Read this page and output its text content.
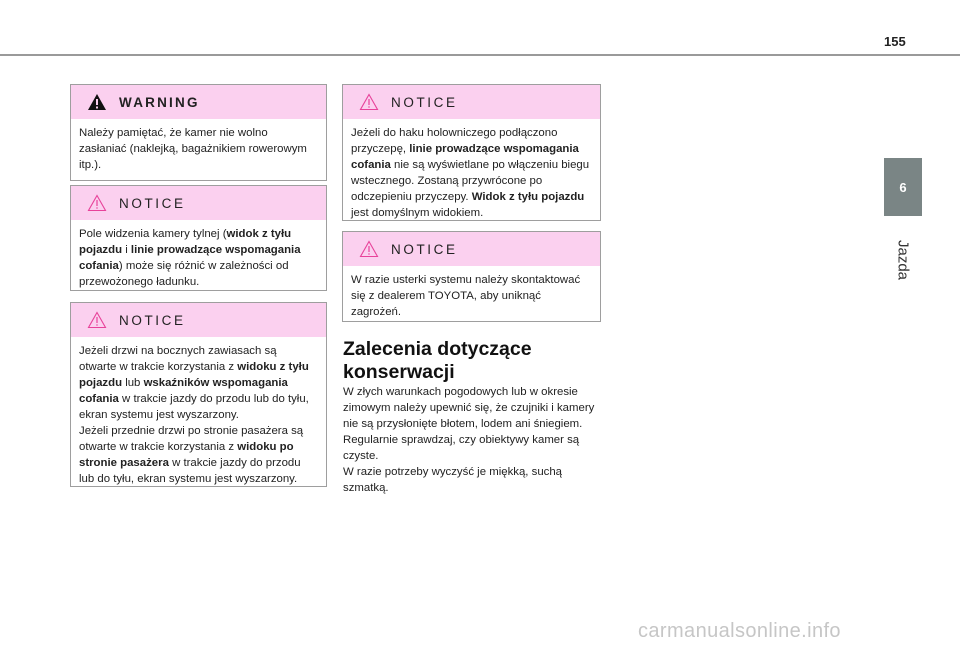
155
6
Jazda
WARNING
Należy pamiętać, że kamer nie wolno zasłaniać (naklejką, bagażnikiem rowerowym itp.).
NOTICE
Pole widzenia kamery tylnej (widok z tyłu pojazdu i linie prowadzące wspomagania cofania) może się różnić w zależności od przewożonego ładunku.
NOTICE
Jeżeli drzwi na bocznych zawiasach są otwarte w trakcie korzystania z widoku z tyłu pojazdu lub wskaźników wspomagania cofania w trakcie jazdy do przodu lub do tyłu, ekran systemu jest wyszarzony.
Jeżeli przednie drzwi po stronie pasażera są otwarte w trakcie korzystania z widoku po stronie pasażera w trakcie jazdy do przodu lub do tyłu, ekran systemu jest wyszarzony.
NOTICE
Jeżeli do haku holowniczego podłączono przyczepę, linie prowadzące wspomagania cofania nie są wyświetlane po włączeniu biegu wstecznego. Zostaną przywrócone po odczepieniu przyczepy. Widok z tyłu pojazdu jest domyślnym widokiem.
NOTICE
W razie usterki systemu należy skontaktować się z dealerem TOYOTA, aby uniknąć zagrożeń.
Zalecenia dotyczące konserwacji
W złych warunkach pogodowych lub w okresie zimowym należy upewnić się, że czujniki i kamery nie są przysłonięte błotem, lodem ani śniegiem.
Regularnie sprawdzaj, czy obiektywy kamer są czyste.
W razie potrzeby wyczyść je miękką, suchą szmatką.
carmanualsonline.info
